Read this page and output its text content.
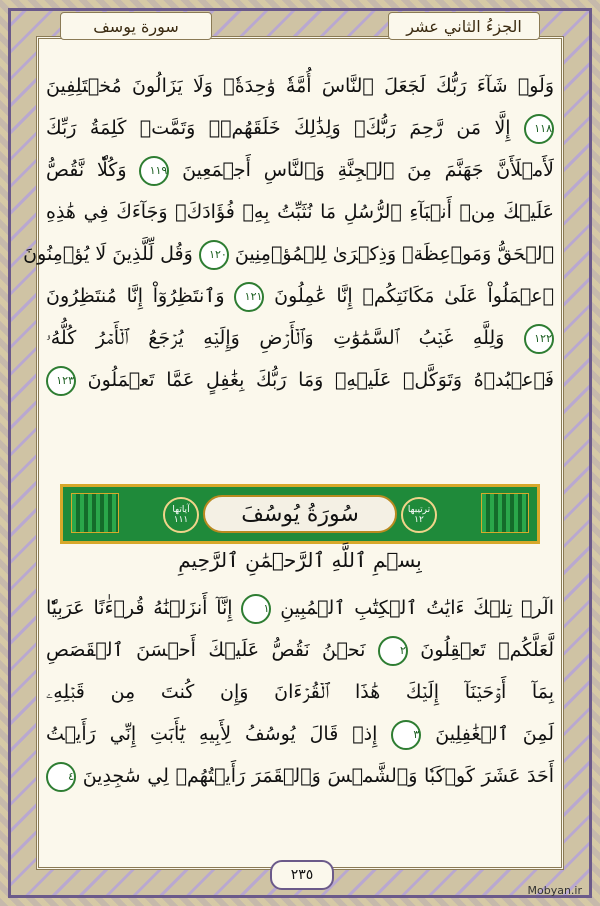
الجزءُ الثاني عشر
سورة يوسف
وَلَوۡ شَآءَ رَبُّكَ لَجَعَلَ ٱلنَّاسَ أُمَّةٗ وَٰحِدَةٗۖ وَلَا يَزَالُونَ مُخۡتَلِفِينَ
١١٨ إِلَّا مَن رَّحِمَ رَبُّكَۚ وَلِذَٰلِكَ خَلَقَهُمۡۗ وَتَمَّتۡ كَلِمَةُ رَبِّكَ
لَأَمۡلَأَنَّ جَهَنَّمَ مِنَ ٱلۡجِنَّةِ وَٱلنَّاسِ أَجۡمَعِينَ ١١٩ وَكُلّٗا نَّقُصُّ
عَلَيۡكَ مِنۡ أَنۢبَآءِ ٱلرُّسُلِ مَا نُثَبِّتُ بِهِۦ فُؤَادَكَۚ وَجَآءَكَ فِي هَٰذِهِ
ٱلۡحَقُّ وَمَوۡعِظَةٞ وَذِكۡرَىٰ لِلۡمُؤۡمِنِينَ ١٢٠ وَقُل لِّلَّذِينَ لَا يُؤۡمِنُونَ
ٱعۡمَلُواْ عَلَىٰ مَكَانَتِكُمۡ إِنَّا عَٰمِلُونَ ١٢١ وَٱنتَظِرُوٓاْ إِنَّا مُنتَظِرُونَ
١٢٢ وَلِلَّهِ غَيۡبُ ٱلسَّمَٰوَٰتِ وَٱلۡأَرۡضِ وَإِلَيۡهِ يُرۡجَعُ ٱلۡأَمۡرُ كُلُّهُۥ
فَٱعۡبُدۡهُ وَتَوَكَّلۡ عَلَيۡهِۚ وَمَا رَبُّكَ بِغَٰفِلٍ عَمَّا تَعۡمَلُونَ ١٢٣
آياتها ١١١
ترتيبها ١٢
سُورَةُ يُوسُفَ
بِسۡمِ ٱللَّهِ ٱلرَّحۡمَٰنِ ٱلرَّحِيمِ
الٓرۚ تِلۡكَ ءَايَٰتُ ٱلۡكِتَٰبِ ٱلۡمُبِينِ ١ إِنَّآ أَنزَلۡنَٰهُ قُرۡءَٰنًا عَرَبِيّٗا
لَّعَلَّكُمۡ تَعۡقِلُونَ ٢ نَحۡنُ نَقُصُّ عَلَيۡكَ أَحۡسَنَ ٱلۡقَصَصِ
بِمَآ أَوۡحَيۡنَآ إِلَيۡكَ هَٰذَا ٱلۡقُرۡءَانَ وَإِن كُنتَ مِن قَبۡلِهِۦ
لَمِنَ ٱلۡغَٰفِلِينَ ٣ إِذۡ قَالَ يُوسُفُ لِأَبِيهِ يَٰٓأَبَتِ إِنِّي رَأَيۡتُ
أَحَدَ عَشَرَ كَوۡكَبٗا وَٱلشَّمۡسَ وَٱلۡقَمَرَ رَأَيۡتُهُمۡ لِي سَٰجِدِينَ ٤
٢٣٥
Mobyan.ir
